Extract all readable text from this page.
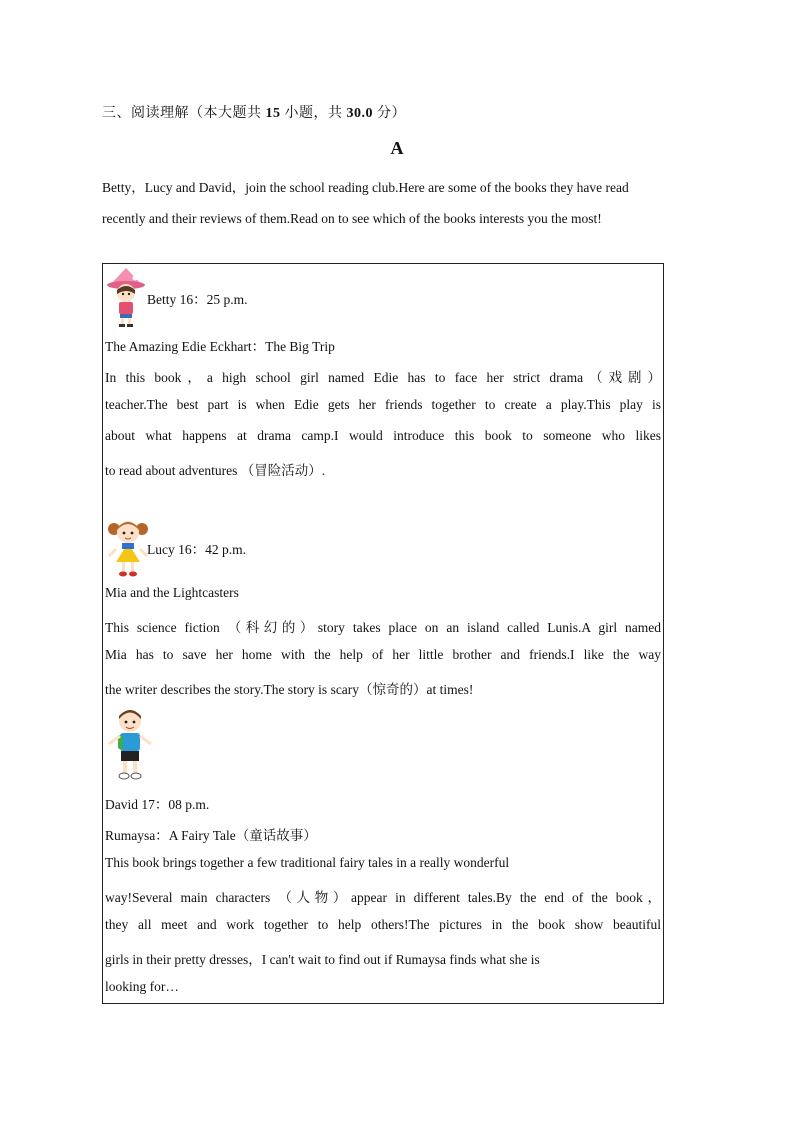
三、阅读理解（本大题共 15 小题，共 30.0 分）
A

Betty，Lucy and David，join the school reading club.Here are some of the books they have read

recently and their reviews of them.Read on to see which of the books interests you the most!

Betty 16：25 p.m.
The Amazing Edie Eckhart：The Big Trip
In this book，a high school girl named Edie has to face her strict drama（戏剧）
teacher.The best part is when Edie gets her friends together to create a play.This play is
about what happens at drama camp.I would introduce this book to someone who likes
to read about adventures （冒险活动）.
Lucy 16：42 p.m.
Mia and the Lightcasters
This science fiction （科幻的）story takes place on an island called Lunis.A girl named
Mia has to save her home with the help of her little brother and friends.I like the way
the writer describes the story.The story is scary（惊奇的）at times!
David 17：08 p.m.
Rumaysa：A Fairy Tale（童话故事）
This book brings together a few traditional fairy tales in a really wonderful
way!Several main characters （人物）appear in different tales.By the end of the book，
they all meet and work together to help others!The pictures in the book show beautiful
girls in their pretty dresses，I can't wait to find out if Rumaysa finds what she is
looking for…
